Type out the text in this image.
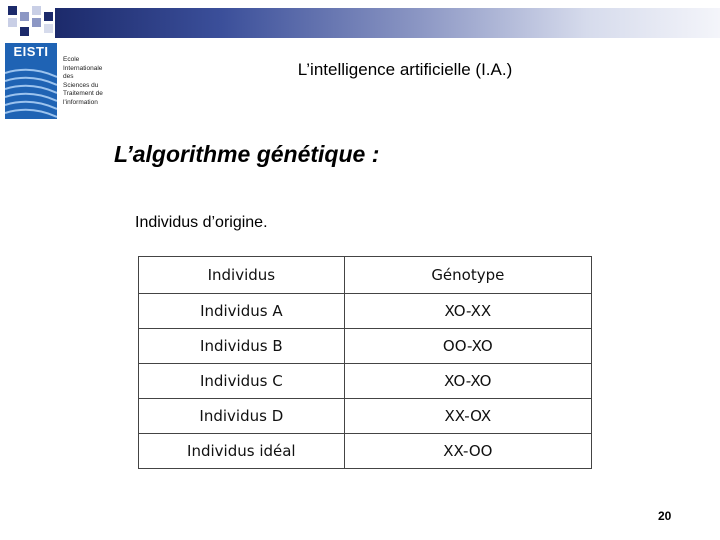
EISTI
Ecole
Internationale
des
Sciences du
Traitement de
l'information
L’intelligence artificielle (I.A.)
L’algorithme génétique :
Individus d’origine.
Individus	Génotype
Individus A	XO-XX
Individus B	OO-XO
Individus C	XO-XO
Individus D	XX-OX
Individus idéal	XX-OO
20
